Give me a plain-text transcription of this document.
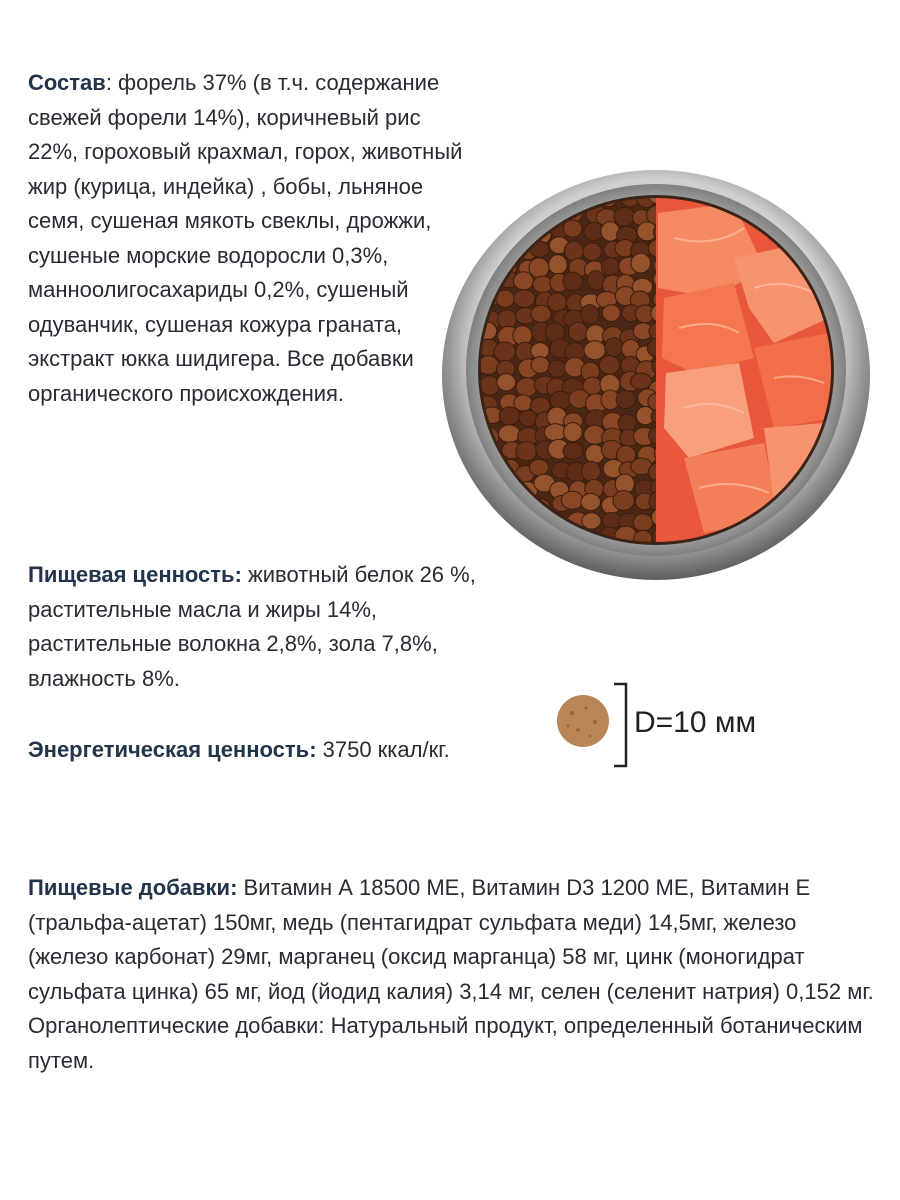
Состав: форель 37% (в т.ч. содержание свежей форели 14%), коричневый рис 22%, гороховый крахмал, горох, животный жир (курица, индейка) , бобы, льняное семя, сушеная мякоть свеклы, дрожжи, сушеные морские водоросли 0,3%, манноолигосахариды 0,2%, сушеный одуванчик, сушеная кожура граната, экстракт юкка шидигера. Все добавки органического происхождения.
Пищевая ценность: животный белок 26 %, растительные масла и жиры 14%, растительные волокна 2,8%, зола 7,8%, влажность 8%.
Энергетическая ценность: 3750 ккал/кг.
Пищевые добавки: Витамин А 18500 МЕ, Витамин D3 1200 МЕ, Витамин Е (тральфа-ацетат) 150мг, медь (пентагидрат сульфата меди) 14,5мг, железо (железо карбонат) 29мг, марганец (оксид марганца) 58 мг, цинк (моногидрат сульфата цинка) 65 мг, йод (йодид калия) 3,14 мг, селен (селенит натрия) 0,152 мг. Органолептические добавки: Натуральный продукт, определенный ботаническим путем.
D=10 мм
